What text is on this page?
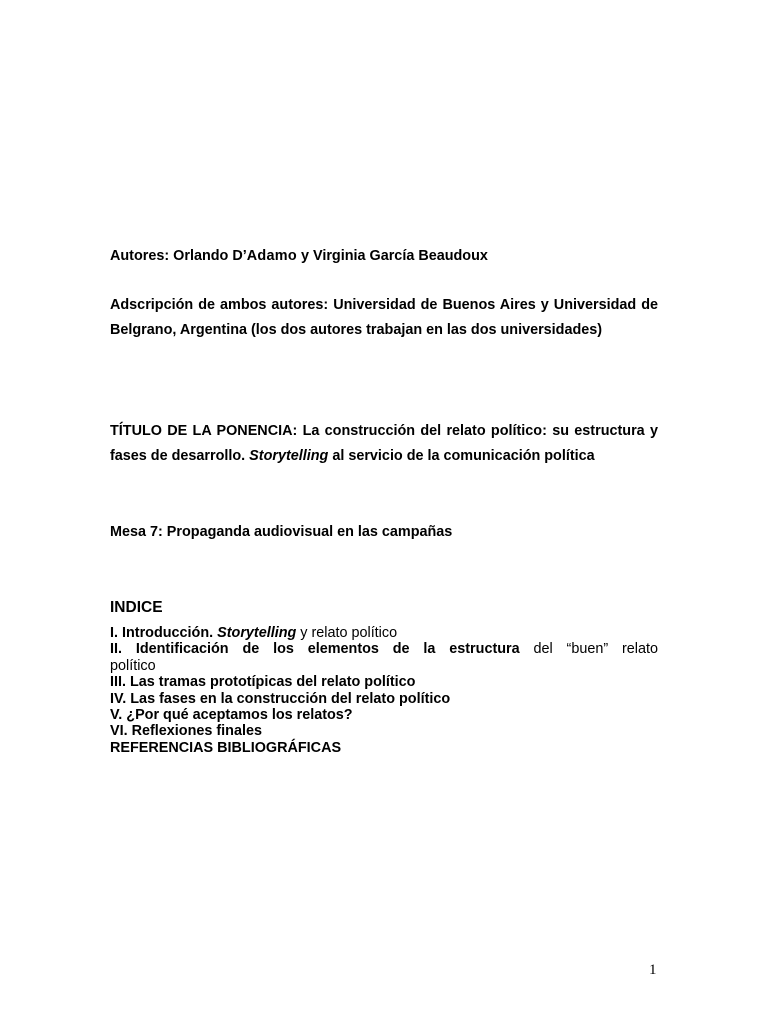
Autores: Orlando D’Adamo y Virginia García Beaudoux
Adscripción de ambos autores: Universidad de Buenos Aires y Universidad de Belgrano, Argentina (los dos autores trabajan en las dos universidades)
TÍTULO DE LA PONENCIA: La construcción del relato político: su estructura y fases de desarrollo. Storytelling al servicio de la comunicación política
Mesa 7: Propaganda audiovisual en las campañas
INDICE
I. Introducción. Storytelling y relato político
II. Identificación de los elementos de la estructura del “buen” relato
político
III. Las tramas prototípicas del relato político
IV. Las fases en la construcción del relato político
V. ¿Por qué aceptamos los relatos?
VI. Reflexiones finales
REFERENCIAS BIBLIOGRÁFICAS
1
